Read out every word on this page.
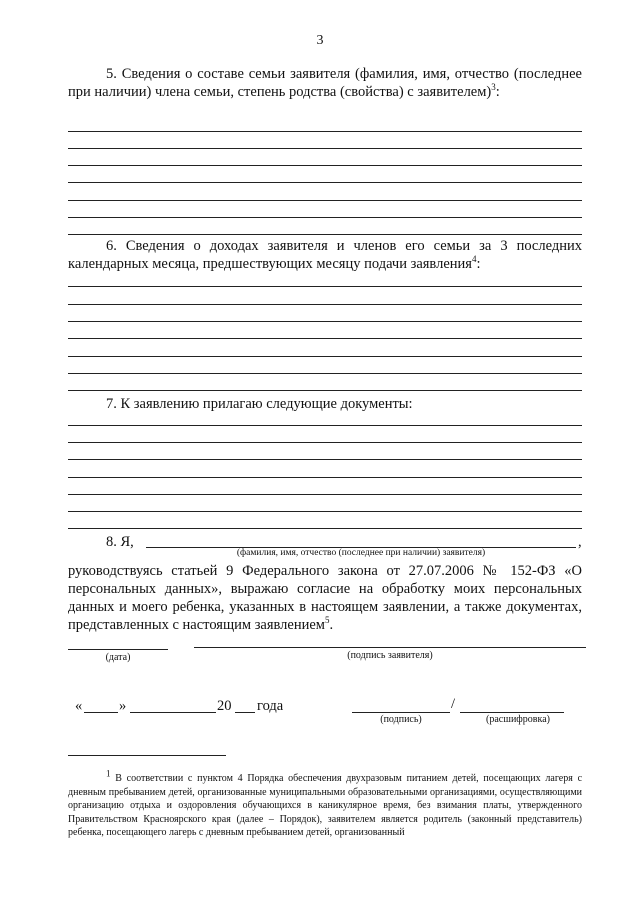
3
5. Сведения о составе семьи заявителя (фамилия, имя, отчество (последнее при наличии) члена семьи, степень родства (свойства) с заявителем)$^3$:
6. Сведения о доходах заявителя и членов его семьи за 3 последних календарных месяца, предшествующих месяцу подачи заявления$^4$:
7. К заявлению прилагаю следующие документы:
8. Я,	,
(фамилия, имя, отчество (последнее при наличии) заявителя)
руководствуясь статьей 9 Федерального закона от 27.07.2006 № 152-ФЗ «О персональных данных», выражаю согласие на обработку моих персональных данных и моего ребенка, указанных в настоящем заявлении, а также документах, представленных с настоящим заявлением$^5$.
(дата)	(подпись заявителя)
«	»	20 года	/
(подпись)	(расшифровка)
1 В соответствии с пунктом 4 Порядка обеспечения двухразовым питанием детей, посещающих лагеря с дневным пребыванием детей, организованные муниципальными образовательными организациями, осуществляющими организацию отдыха и оздоровления обучающихся в каникулярное время, без взимания платы, утвержденного Правительством Красноярского края (далее – Порядок), заявителем является родитель (законный представитель) ребенка, посещающего лагерь с дневным пребыванием детей, организованный
